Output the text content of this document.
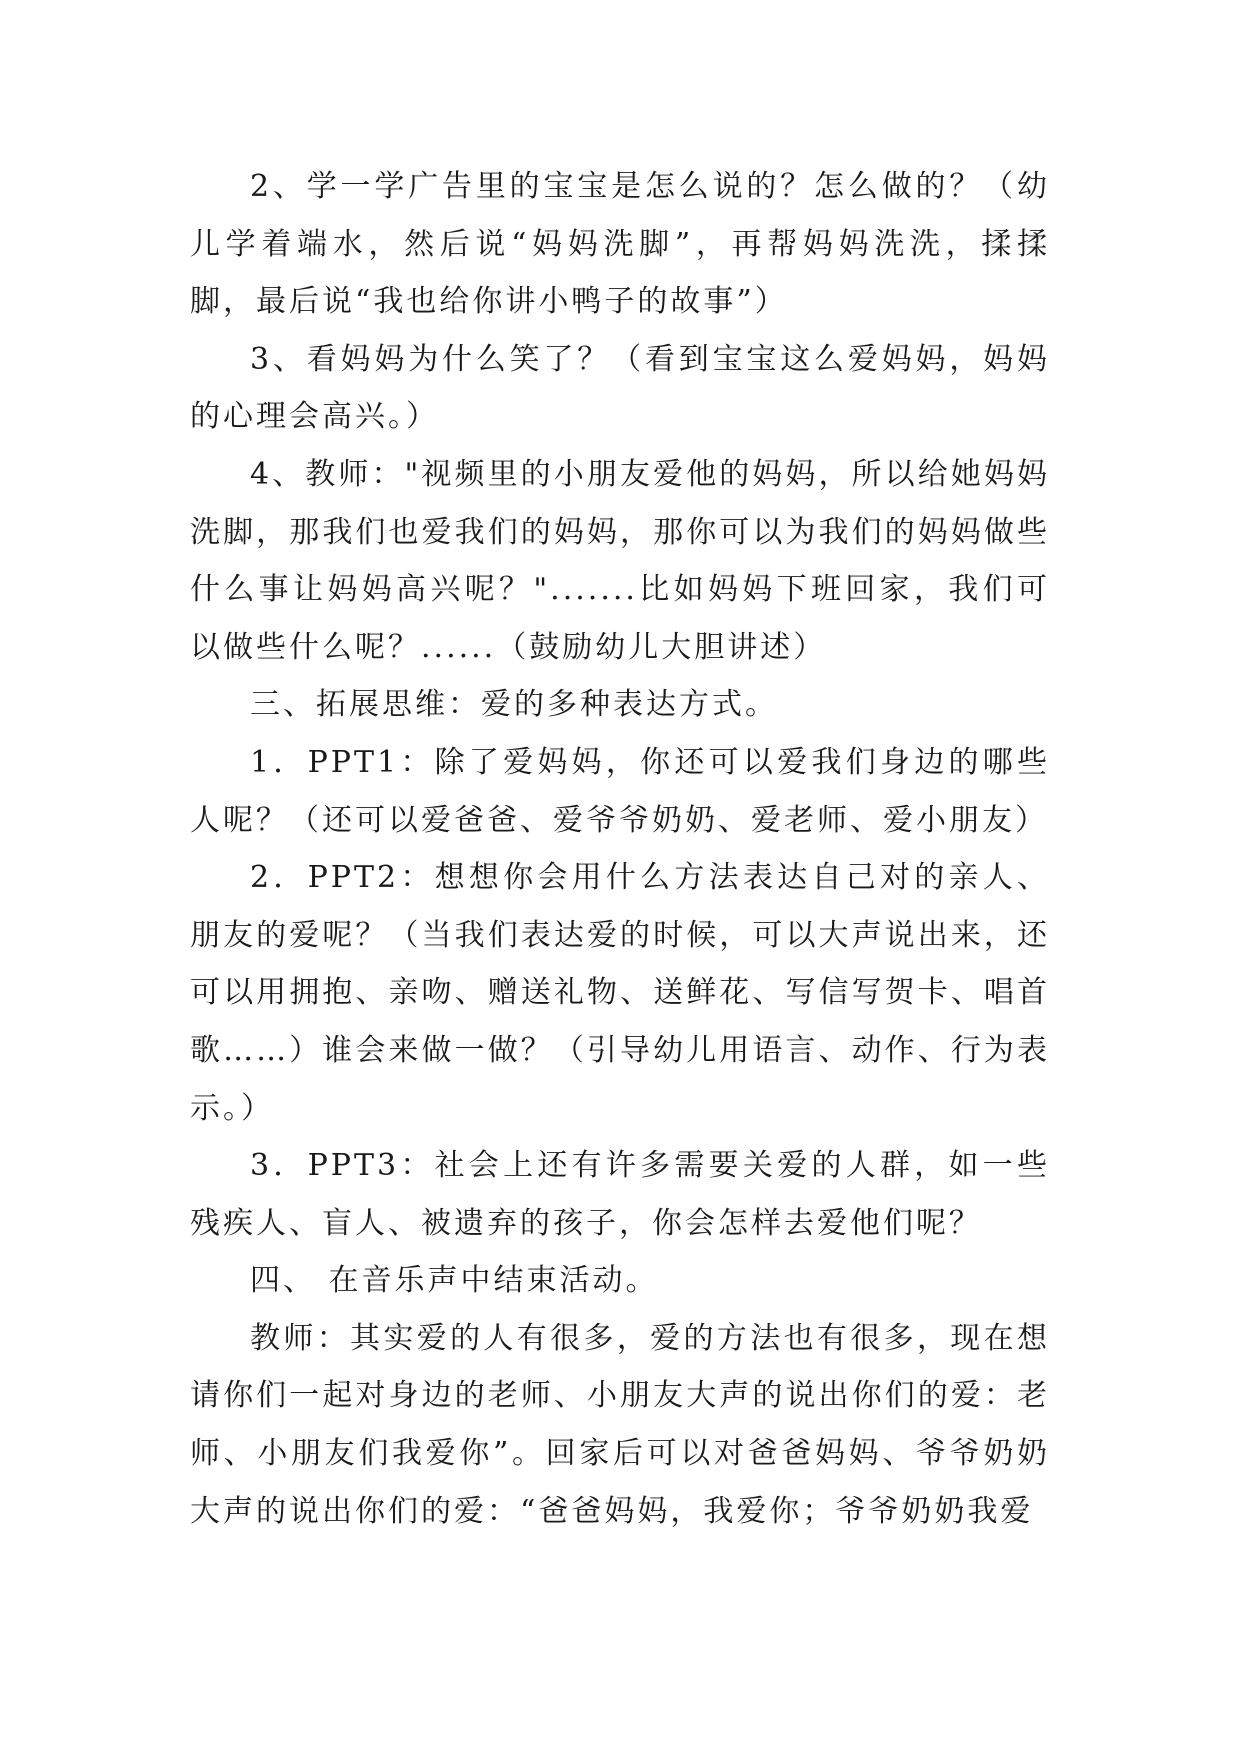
2、学一学广告里的宝宝是怎么说的？怎么做的？（幼儿学着端水，然后说“妈妈洗脚”，再帮妈妈洗洗，揉揉脚，最后说“我也给你讲小鸭子的故事”）

3、看妈妈为什么笑了？（看到宝宝这么爱妈妈，妈妈的心理会高兴。）

4、教师："视频里的小朋友爱他的妈妈，所以给她妈妈洗脚，那我们也爱我们的妈妈，那你可以为我们的妈妈做些什么事让妈妈高兴呢？".......比如妈妈下班回家，我们可以做些什么呢？......（鼓励幼儿大胆讲述）

三、拓展思维：爱的多种表达方式。

1．PPT1：除了爱妈妈，你还可以爱我们身边的哪些人呢？（还可以爱爸爸、爱爷爷奶奶、爱老师、爱小朋友）

2．PPT2：想想你会用什么方法表达自己对的亲人、朋友的爱呢？（当我们表达爱的时候，可以大声说出来，还可以用拥抱、亲吻、赠送礼物、送鲜花、写信写贺卡、唱首歌……）谁会来做一做？（引导幼儿用语言、动作、行为表示。）

3．PPT3：社会上还有许多需要关爱的人群，如一些残疾人、盲人、被遗弃的孩子，你会怎样去爱他们呢？

四、 在音乐声中结束活动。

教师：其实爱的人有很多，爱的方法也有很多，现在想请你们一起对身边的老师、小朋友大声的说出你们的爱：老师、小朋友们我爱你”。回家后可以对爸爸妈妈、爷爷奶奶大声的说出你们的爱：“爸爸妈妈，我爱你；爷爷奶奶我爱
